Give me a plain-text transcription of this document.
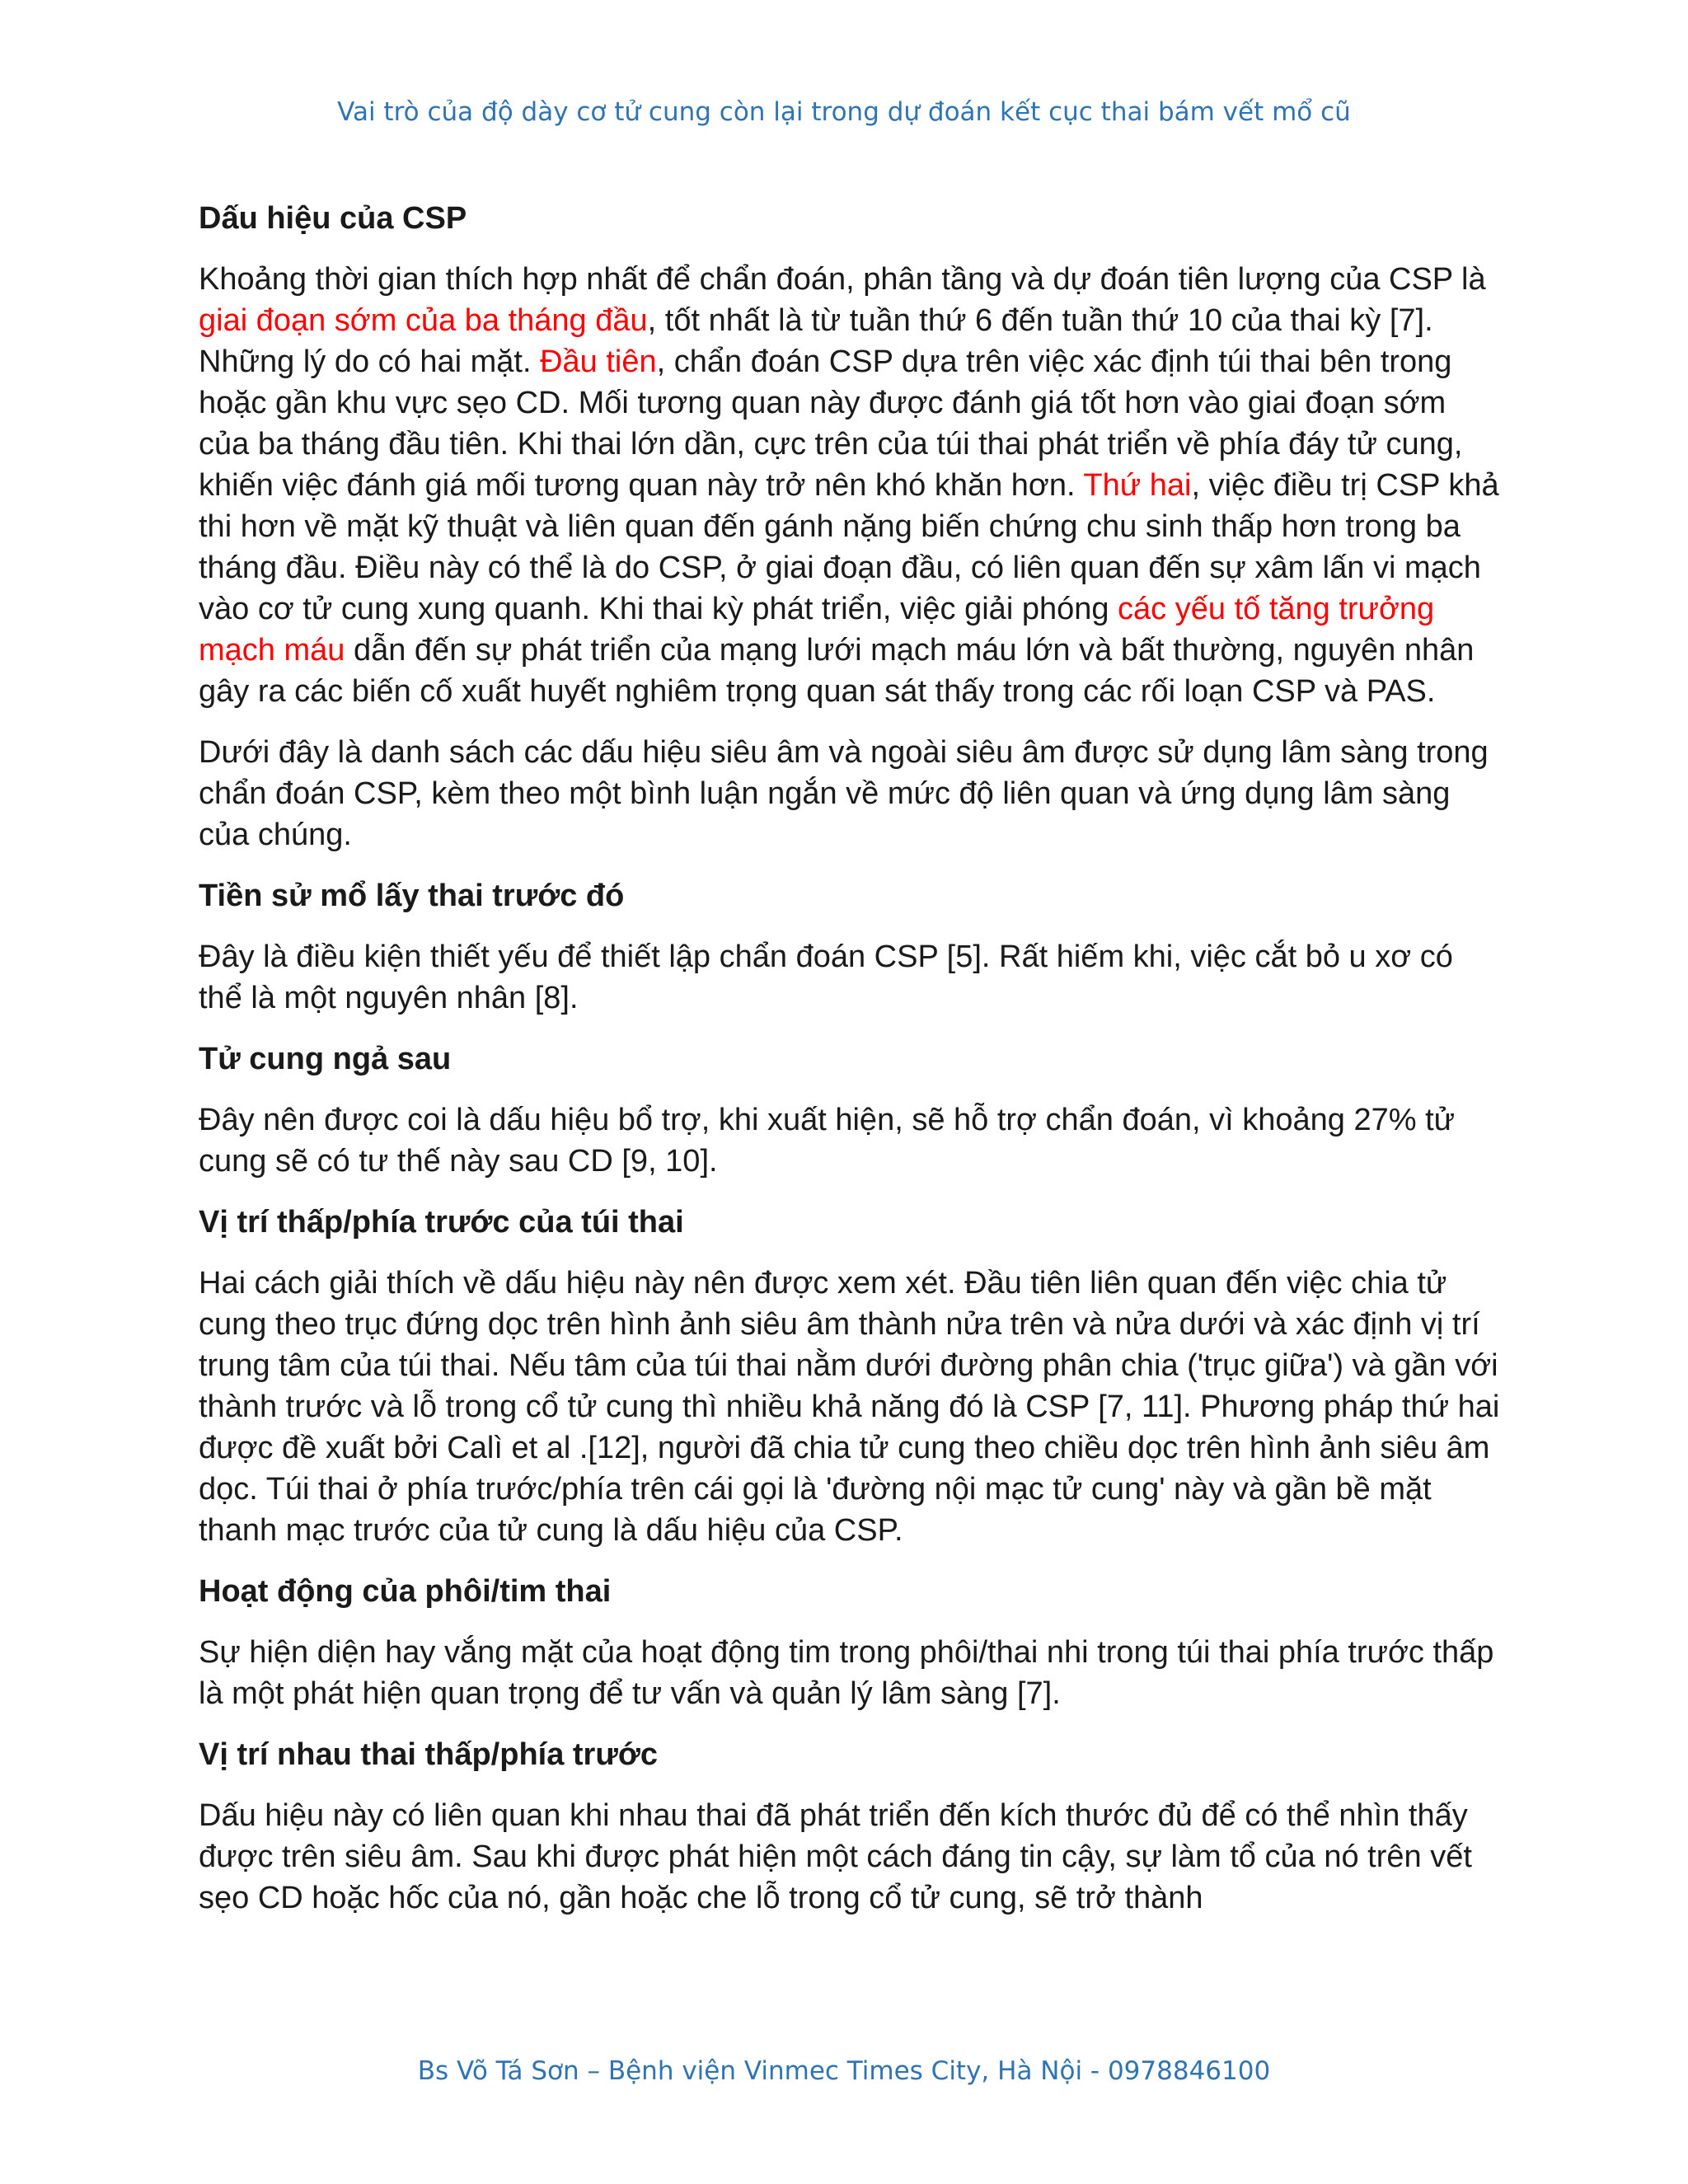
Vai trò của độ dày cơ tử cung còn lại trong dự đoán kết cục thai bám vết mổ cũ
Dấu hiệu của CSP
Khoảng thời gian thích hợp nhất để chẩn đoán, phân tầng và dự đoán tiên lượng của CSP là giai đoạn sớm của ba tháng đầu, tốt nhất là từ tuần thứ 6 đến tuần thứ 10 của thai kỳ [7]. Những lý do có hai mặt. Đầu tiên, chẩn đoán CSP dựa trên việc xác định túi thai bên trong hoặc gần khu vực sẹo CD. Mối tương quan này được đánh giá tốt hơn vào giai đoạn sớm của ba tháng đầu tiên. Khi thai lớn dần, cực trên của túi thai phát triển về phía đáy tử cung, khiến việc đánh giá mối tương quan này trở nên khó khăn hơn. Thứ hai, việc điều trị CSP khả thi hơn về mặt kỹ thuật và liên quan đến gánh nặng biến chứng chu sinh thấp hơn trong ba tháng đầu. Điều này có thể là do CSP, ở giai đoạn đầu, có liên quan đến sự xâm lấn vi mạch vào cơ tử cung xung quanh. Khi thai kỳ phát triển, việc giải phóng các yếu tố tăng trưởng mạch máu dẫn đến sự phát triển của mạng lưới mạch máu lớn và bất thường, nguyên nhân gây ra các biến cố xuất huyết nghiêm trọng quan sát thấy trong các rối loạn CSP và PAS.
Dưới đây là danh sách các dấu hiệu siêu âm và ngoài siêu âm được sử dụng lâm sàng trong chẩn đoán CSP, kèm theo một bình luận ngắn về mức độ liên quan và ứng dụng lâm sàng của chúng.
Tiền sử mổ lấy thai trước đó
Đây là điều kiện thiết yếu để thiết lập chẩn đoán CSP [5]. Rất hiếm khi, việc cắt bỏ u xơ có thể là một nguyên nhân [8].
Tử cung ngả sau
Đây nên được coi là dấu hiệu bổ trợ, khi xuất hiện, sẽ hỗ trợ chẩn đoán, vì khoảng 27% tử cung sẽ có tư thế này sau CD [9, 10].
Vị trí thấp/phía trước của túi thai
Hai cách giải thích về dấu hiệu này nên được xem xét. Đầu tiên liên quan đến việc chia tử cung theo trục đứng dọc trên hình ảnh siêu âm thành nửa trên và nửa dưới và xác định vị trí trung tâm của túi thai. Nếu tâm của túi thai nằm dưới đường phân chia ('trục giữa') và gần với thành trước và lỗ trong cổ tử cung thì nhiều khả năng đó là CSP [7, 11]. Phương pháp thứ hai được đề xuất bởi Calì et al .[12], người đã chia tử cung theo chiều dọc trên hình ảnh siêu âm dọc. Túi thai ở phía trước/phía trên cái gọi là 'đường nội mạc tử cung' này và gần bề mặt thanh mạc trước của tử cung là dấu hiệu của CSP.
Hoạt động của phôi/tim thai
Sự hiện diện hay vắng mặt của hoạt động tim trong phôi/thai nhi trong túi thai phía trước thấp là một phát hiện quan trọng để tư vấn và quản lý lâm sàng [7].
Vị trí nhau thai thấp/phía trước
Dấu hiệu này có liên quan khi nhau thai đã phát triển đến kích thước đủ để có thể nhìn thấy được trên siêu âm. Sau khi được phát hiện một cách đáng tin cậy, sự làm tổ của nó trên vết sẹo CD hoặc hốc của nó, gần hoặc che lỗ trong cổ tử cung, sẽ trở thành
Bs Võ Tá Sơn – Bệnh viện Vinmec Times City, Hà Nội - 0978846100
